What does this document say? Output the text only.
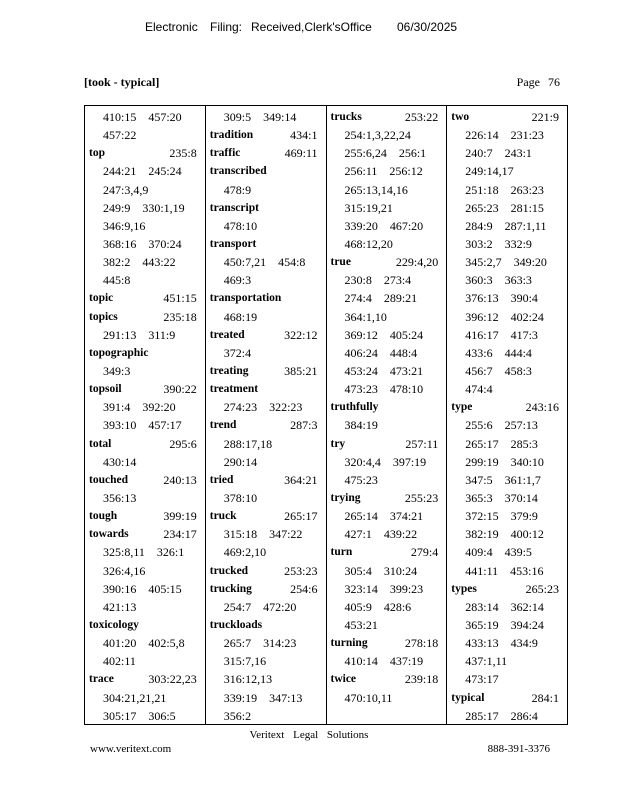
Electronic Filing: Received,Clerk'sOffice 06/30/2025
[took - typical]	Page 76
410:15 457:20
457:22
top	235:8
244:21 245:24
247:3,4,9
249:9 330:1,19
346:9,16
368:16 370:24
382:2 443:22
445:8
topic	451:15
topics	235:18
291:13 311:9
topographic
349:3
topsoil	390:22
391:4 392:20
393:10 457:17
total	295:6
430:14
touched	240:13
356:13
tough	399:19
towards	234:17
325:8,11 326:1
326:4,16
390:16 405:15
421:13
toxicology
401:20 402:5,8
402:11
trace	303:22,23
304:21,21,21
305:17 306:5
309:5 349:14
tradition	434:1
traffic	469:11
transcribed
478:9
transcript
478:10
transport
450:7,21 454:8
469:3
transportation
468:19
treated	322:12
372:4
treating	385:21
treatment
274:23 322:23
trend	287:3
288:17,18
290:14
tried	364:21
378:10
truck	265:17
315:18 347:22
469:2,10
trucked	253:23
trucking	254:6
254:7 472:20
truckloads
265:7 314:23
315:7,16
316:12,13
339:19 347:13
356:2
trucks	253:22
254:1,3,22,24
255:6,24 256:1
256:11 256:12
265:13,14,16
315:19,21
339:20 467:20
468:12,20
true	229:4,20
230:8 273:4
274:4 289:21
364:1,10
369:12 405:24
406:24 448:4
453:24 473:21
473:23 478:10
truthfully
384:19
try	257:11
320:4,4 397:19
475:23
trying	255:23
265:14 374:21
427:1 439:22
turn	279:4
305:4 310:24
323:14 399:23
405:9 428:6
453:21
turning	278:18
410:14 437:19
twice	239:18
470:10,11
two	221:9
226:14 231:23
240:7 243:1
249:14,17
251:18 263:23
265:23 281:15
284:9 287:1,11
303:2 332:9
345:2,7 349:20
360:3 363:3
376:13 390:4
396:12 402:24
416:17 417:3
433:6 444:4
456:7 458:3
474:4
type	243:16
255:6 257:13
265:17 285:3
299:19 340:10
347:5 361:1,7
365:3 370:14
372:15 379:9
382:19 400:12
409:4 439:5
441:11 453:16
types	265:23
283:14 362:14
365:19 394:24
433:13 434:9
437:1,11
473:17
typical	284:1
285:17 286:4
Veritext Legal Solutions
www.veritext.com	888-391-3376
